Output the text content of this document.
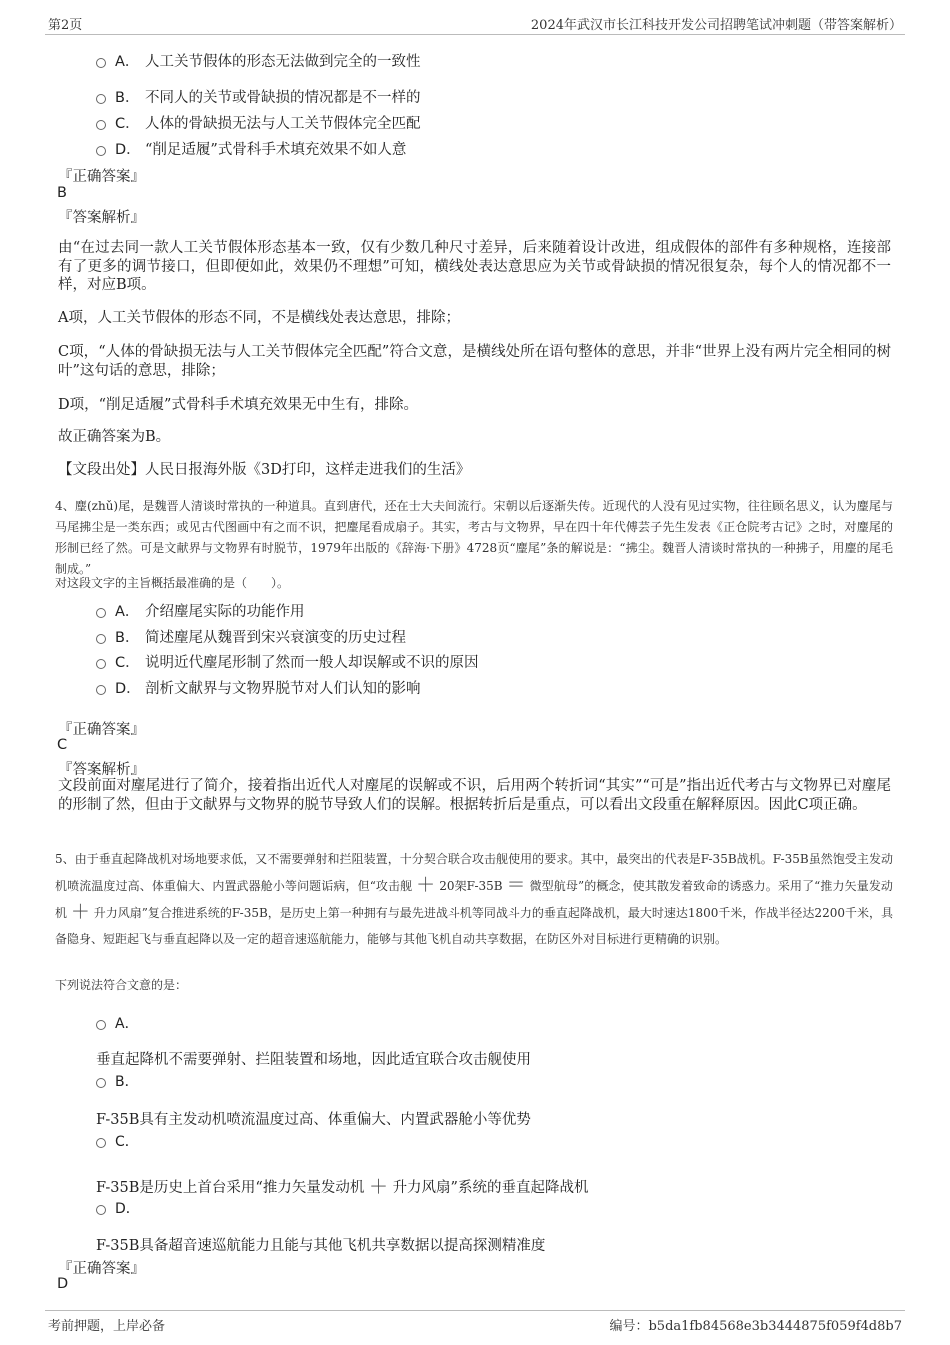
第2页	2024年武汉市长江科技开发公司招聘笔试冲刺题（带答案解析）
A． 人工关节假体的形态无法做到完全的一致性
B． 不同人的关节或骨缺损的情况都是不一样的
C． 人体的骨缺损无法与人工关节假体完全匹配
D． “削足适履”式骨科手术填充效果不如人意
『正确答案』
B
『答案解析』
由“在过去同一款人工关节假体形态基本一致，仅有少数几种尺寸差异，后来随着设计改进，组成假体的部件有多种规格，连接部有了更多的调节接口，但即便如此，效果仍不理想”可知，横线处表达意思应为关节或骨缺损的情况很复杂，每个人的情况都不一样，对应B项。
A项，人工关节假体的形态不同，不是横线处表达意思，排除；
C项，“人体的骨缺损无法与人工关节假体完全匹配”符合文意，是横线处所在语句整体的意思，并非“世界上没有两片完全相同的树叶”这句话的意思，排除；
D项，“削足适履”式骨科手术填充效果无中生有，排除。
故正确答案为B。
【文段出处】人民日报海外版《3D打印，这样走进我们的生活》
4、麈(zhǔ)尾，是魏晋人清谈时常执的一种道具。直到唐代，还在士大夫间流行。宋朝以后逐渐失传。近现代的人没有见过实物，往往顾名思义，认为麈尾与马尾拂尘是一类东西；或见古代图画中有之而不识，把麈尾看成扇子。其实，考古与文物界，早在四十年代傅芸子先生发表《正仓院考古记》之时，对麈尾的形制已经了然。可是文献界与文物界有时脱节，1979年出版的《辞海·下册》4728页“麈尾”条的解说是：“拂尘。魏晋人清谈时常执的一种拂子，用麈的尾毛制成。”
对这段文字的主旨概括最准确的是（　　）。
A． 介绍麈尾实际的功能作用
B． 简述麈尾从魏晋到宋兴衰演变的历史过程
C． 说明近代麈尾形制了然而一般人却误解或不识的原因
D． 剖析文献界与文物界脱节对人们认知的影响
『正确答案』
C
『答案解析』
文段前面对麈尾进行了简介，接着指出近代人对麈尾的误解或不识，后用两个转折词“其实”“可是”指出近代考古与文物界已对麈尾的形制了然，但由于文献界与文物界的脱节导致人们的误解。根据转折后是重点，可以看出文段重在解释原因。因此C项正确。
5、由于垂直起降战机对场地要求低，又不需要弹射和拦阻装置，十分契合联合攻击舰使用的要求。其中，最突出的代表是F-35B战机。F-35B虽然饱受主发动机喷流温度过高、体重偏大、内置武器舱小等问题诟病，但“攻击舰 ＋ 20架F-35B ＝ 微型航母”的概念，使其散发着致命的诱惑力。采用了“推力矢量发动机 ＋ 升力风扇”复合推进系统的F-35B，是历史上第一种拥有与最先进战斗机等同战斗力的垂直起降战机，最大时速达1800千米，作战半径达2200千米，具备隐身、短距起飞与垂直起降以及一定的超音速巡航能力，能够与其他飞机自动共享数据，在防区外对目标进行更精确的识别。
下列说法符合文意的是：
A．
垂直起降机不需要弹射、拦阻装置和场地，因此适宜联合攻击舰使用
B．
F-35B具有主发动机喷流温度过高、体重偏大、内置武器舱小等优势
C．
F-35B是历史上首台采用“推力矢量发动机 ＋ 升力风扇”系统的垂直起降战机
D．
F-35B具备超音速巡航能力且能与其他飞机共享数据以提高探测精准度
『正确答案』
D
考前押题，上岸必备	编号：b5da1fb84568e3b3444875f059f4d8b7
